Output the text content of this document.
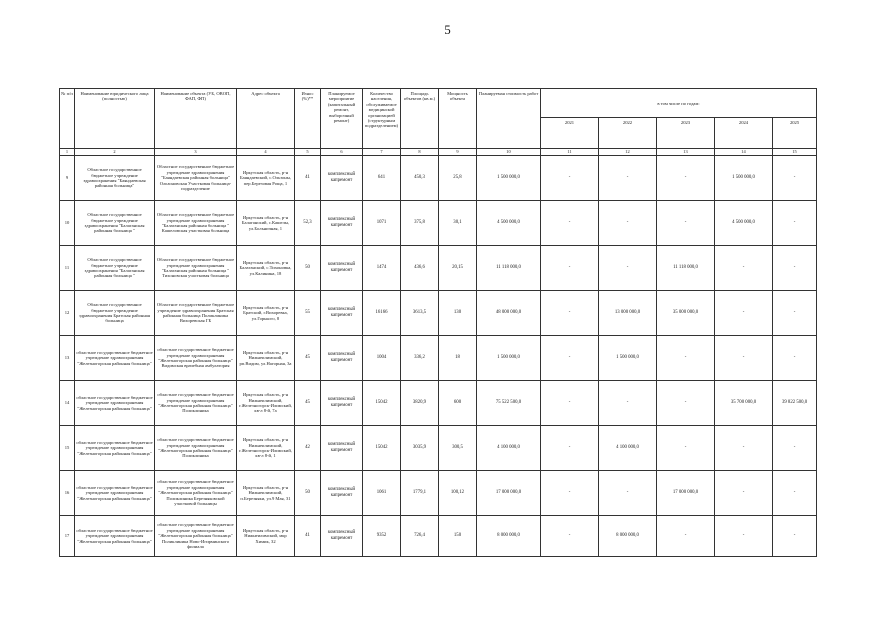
5
№ п/п	Наименование юридического лица (полностью)	Наименование объекта (УБ, ОВОП, ФАП, ФП)	Адрес объекта	Износ (%)**	Планируемое мероприятие (капитальный ремонт, выборочный ремонт)	Количество населения, обслуживаемое медицинской организацией (структурным подразделением)	Площадь объектов (кв.м.)	Мощность объекта	Планируемая стоимость работ	в том числе по годам:				
										2021	2022	2023	2024	2025
1	2	3	4	5	6	7	8	9	10	11	12	13	14	15
9	Областное государственное бюджетное учреждение здравоохранения "Баяндаевская районная больница"	Областное государственное бюджетное учреждение здравоохранения "Баяндаевская районная больница" Ользоновская Участковая больница-подразделение	Иркутская область, р-н Баяндаевский, с.Ользоны, пер.Березовая Роща, 1	41	комплексный капремонт	641	450,3	25,8	1 500 000,0	-	-	-	1 500 000,0	-
10	Областное государственное бюджетное учреждение здравоохранения "Балаганская районная больница "	Областное государственное бюджетное учреждение здравоохранения "Балаганская районная больница " Кашеловская участковая больница	Иркутская область, р-н Балаганский, с.Кашелы, ул.Больничная, 1	52,3	комплексный капремонт	1071	375,8	30,1	4 500 000,0	-	-	-	4 500 000,0	-
11	Областное государственное бюджетное учреждение здравоохранения "Балаганская районная больница "	Областное государственное бюджетное учреждение здравоохранения "Балаганская районная больница " Тихоновская участковая больница	Иркутская область, р-н Балаганский, с.Тихоновка, ул.Калинина, 18	50	комплексный капремонт	1474	436,6	20,15	11 118 000,0	-	-	11 118 000,0	-	-
12	Областное государственное бюджетное учреждение здравоохранения Братская районная больница	Областное государственное бюджетное учреждение здравоохранения Братская районная больница Поликлиника Вихоревская ГБ	Иркутская область, р-н Братский, г.Вихоревка, ул.Горького, 8	55	комплексный капремонт	16166	3613,5	130	48 000 000,0	-	13 000 000,0	35 000 000,0	-	-
13	областное государственное бюджетное учреждение здравоохранения "Железногорская районная больница"	областное государственное бюджетное учреждение здравоохранения "Железногорская районная больница" Видимская врачебная амбулатория	Иркутская область, р-н Нижнеилимский, рп.Видим, ул.Нагорная, 3а	45	комплексный капремонт	1004	336,2	18	1 500 000,0	-	1 500 000,0	-	-	-
14	областное государственное бюджетное учреждение здравоохранения "Железногорская районная больница"	областное государственное бюджетное учреждение здравоохранения "Железногорская районная больница" Поликлиника	Иркутская область, р-н Нижнеилимский, г.Железногорск-Илимский, кв-л 8-й, 7а	45	комплексный капремонт	15042	3820,9	600	75 522 500,0	-	-	-	35 700 000,0	39 822 500,0
15	областное государственное бюджетное учреждение здравоохранения "Железногорская районная больница"	областное государственное бюджетное учреждение здравоохранения "Железногорская районная больница" Поликлиника	Иркутская область, р-н Нижнеилимский, г.Железногорск-Илимский, кв-л 8-й, 1	42	комплексный капремонт	15042	3035,9	300,5	4 100 000,0	-	4 100 000,0	-	-	-
16	областное государственное бюджетное учреждение здравоохранения "Железногорская районная больница"	областное государственное бюджетное учреждение здравоохранения "Железногорская районная больница" Поликлиника Березняковской участковой больницы	Иркутская область, р-н Нижнеилимский, п.Березняки, ул.9 Мая, 31	50	комплексный капремонт	1061	1779,1	100,12	17 000 000,0	-	-	17 000 000,0	-	-
17	областное государственное бюджетное учреждение здравоохранения "Железногорская районная больница"	областное государственное бюджетное учреждение здравоохранения "Железногорская районная больница" Поликлиника Ново-Игирминского филиала	Иркутская область, р-н Нижнеилимский, мкр Химик, 32	41	комплексный капремонт	9352	726,4	150	8 000 000,0	-	8 000 000,0	-	-	-
